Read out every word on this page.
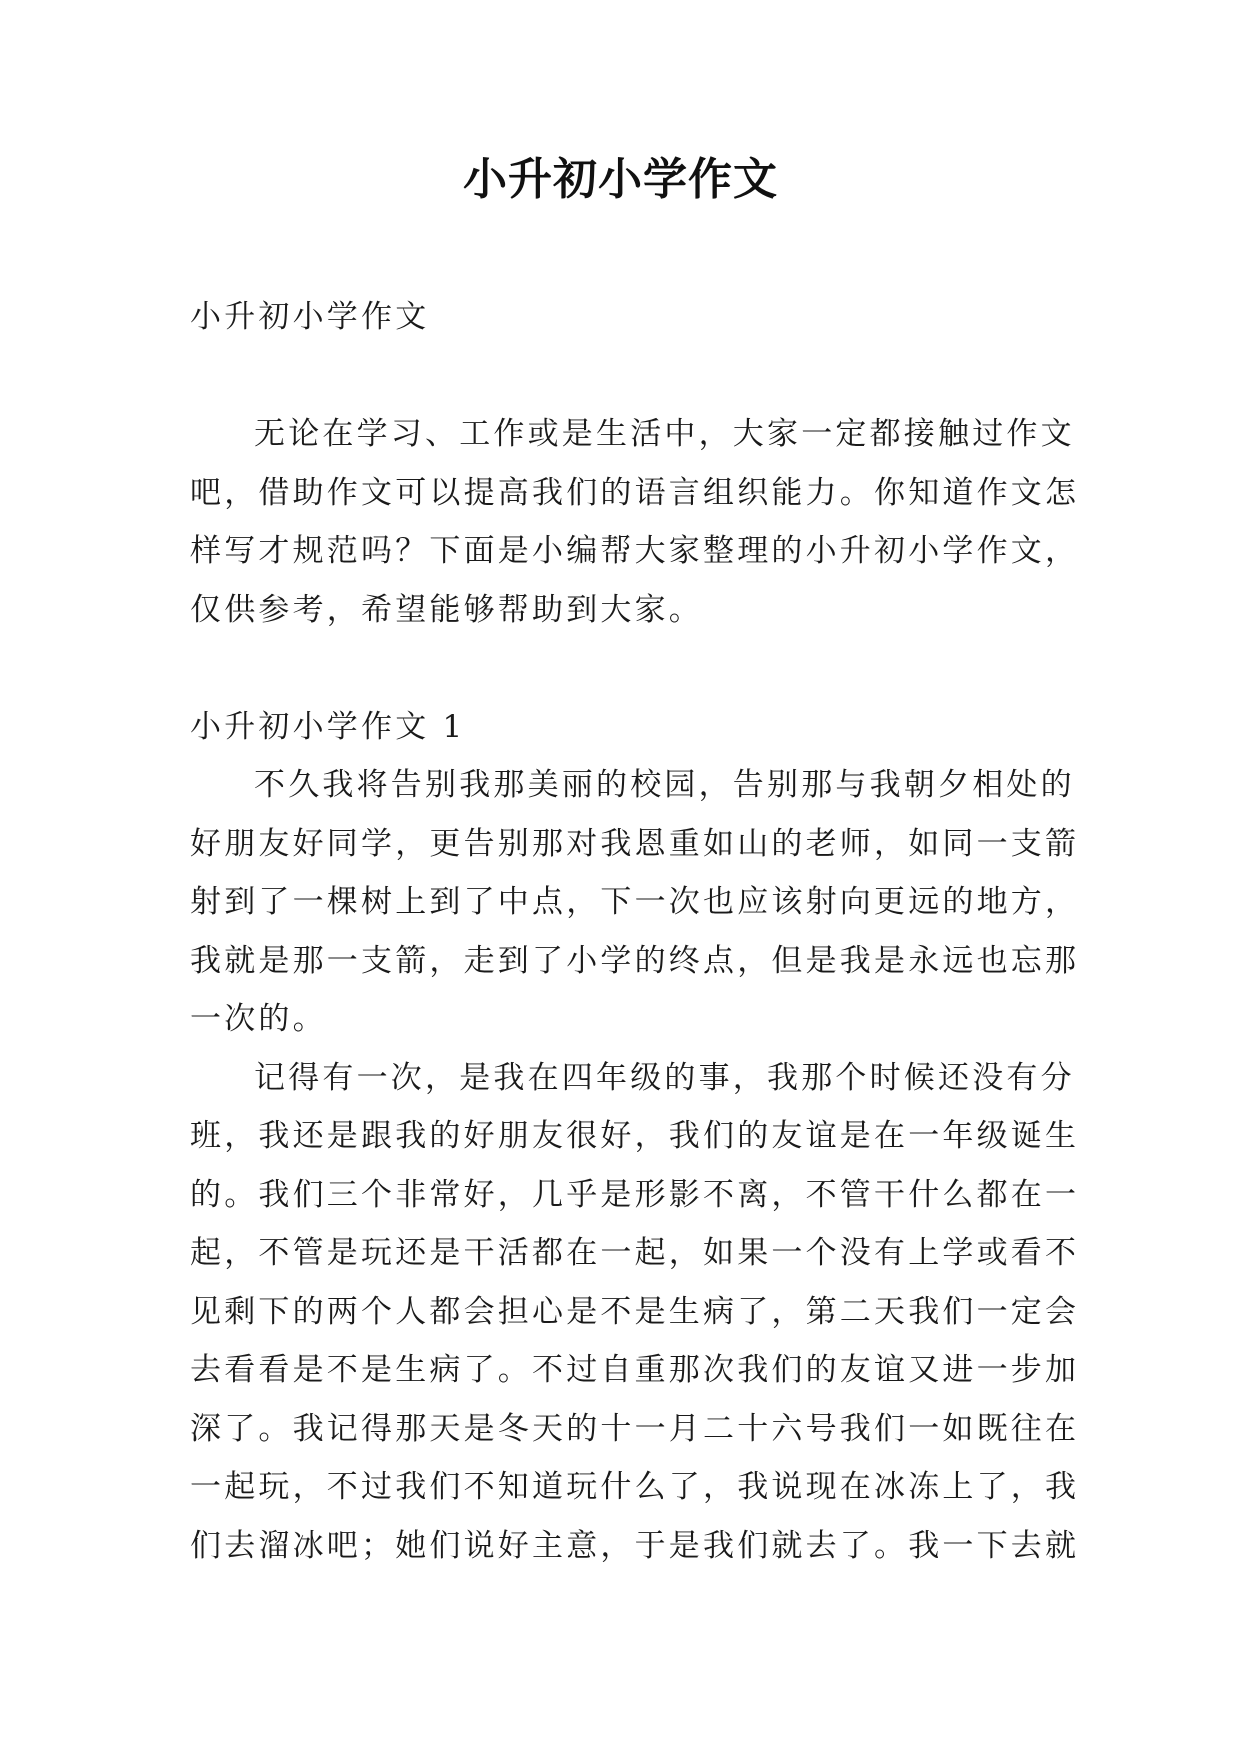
小升初小学作文
小升初小学作文
无论在学习、工作或是生活中，大家一定都接触过作文
吧，借助作文可以提高我们的语言组织能力。你知道作文怎
样写才规范吗？下面是小编帮大家整理的小升初小学作文，
仅供参考，希望能够帮助到大家。
小升初小学作文 1
不久我将告别我那美丽的校园，告别那与我朝夕相处的
好朋友好同学，更告别那对我恩重如山的老师，如同一支箭
射到了一棵树上到了中点，下一次也应该射向更远的地方，
我就是那一支箭，走到了小学的终点，但是我是永远也忘那
一次的。
记得有一次，是我在四年级的事，我那个时候还没有分
班，我还是跟我的好朋友很好，我们的友谊是在一年级诞生
的。我们三个非常好，几乎是形影不离，不管干什么都在一
起，不管是玩还是干活都在一起，如果一个没有上学或看不
见剩下的两个人都会担心是不是生病了，第二天我们一定会
去看看是不是生病了。不过自重那次我们的友谊又进一步加
深了。我记得那天是冬天的十一月二十六号我们一如既往在
一起玩，不过我们不知道玩什么了，我说现在冰冻上了，我
们去溜冰吧；她们说好主意，于是我们就去了。我一下去就
